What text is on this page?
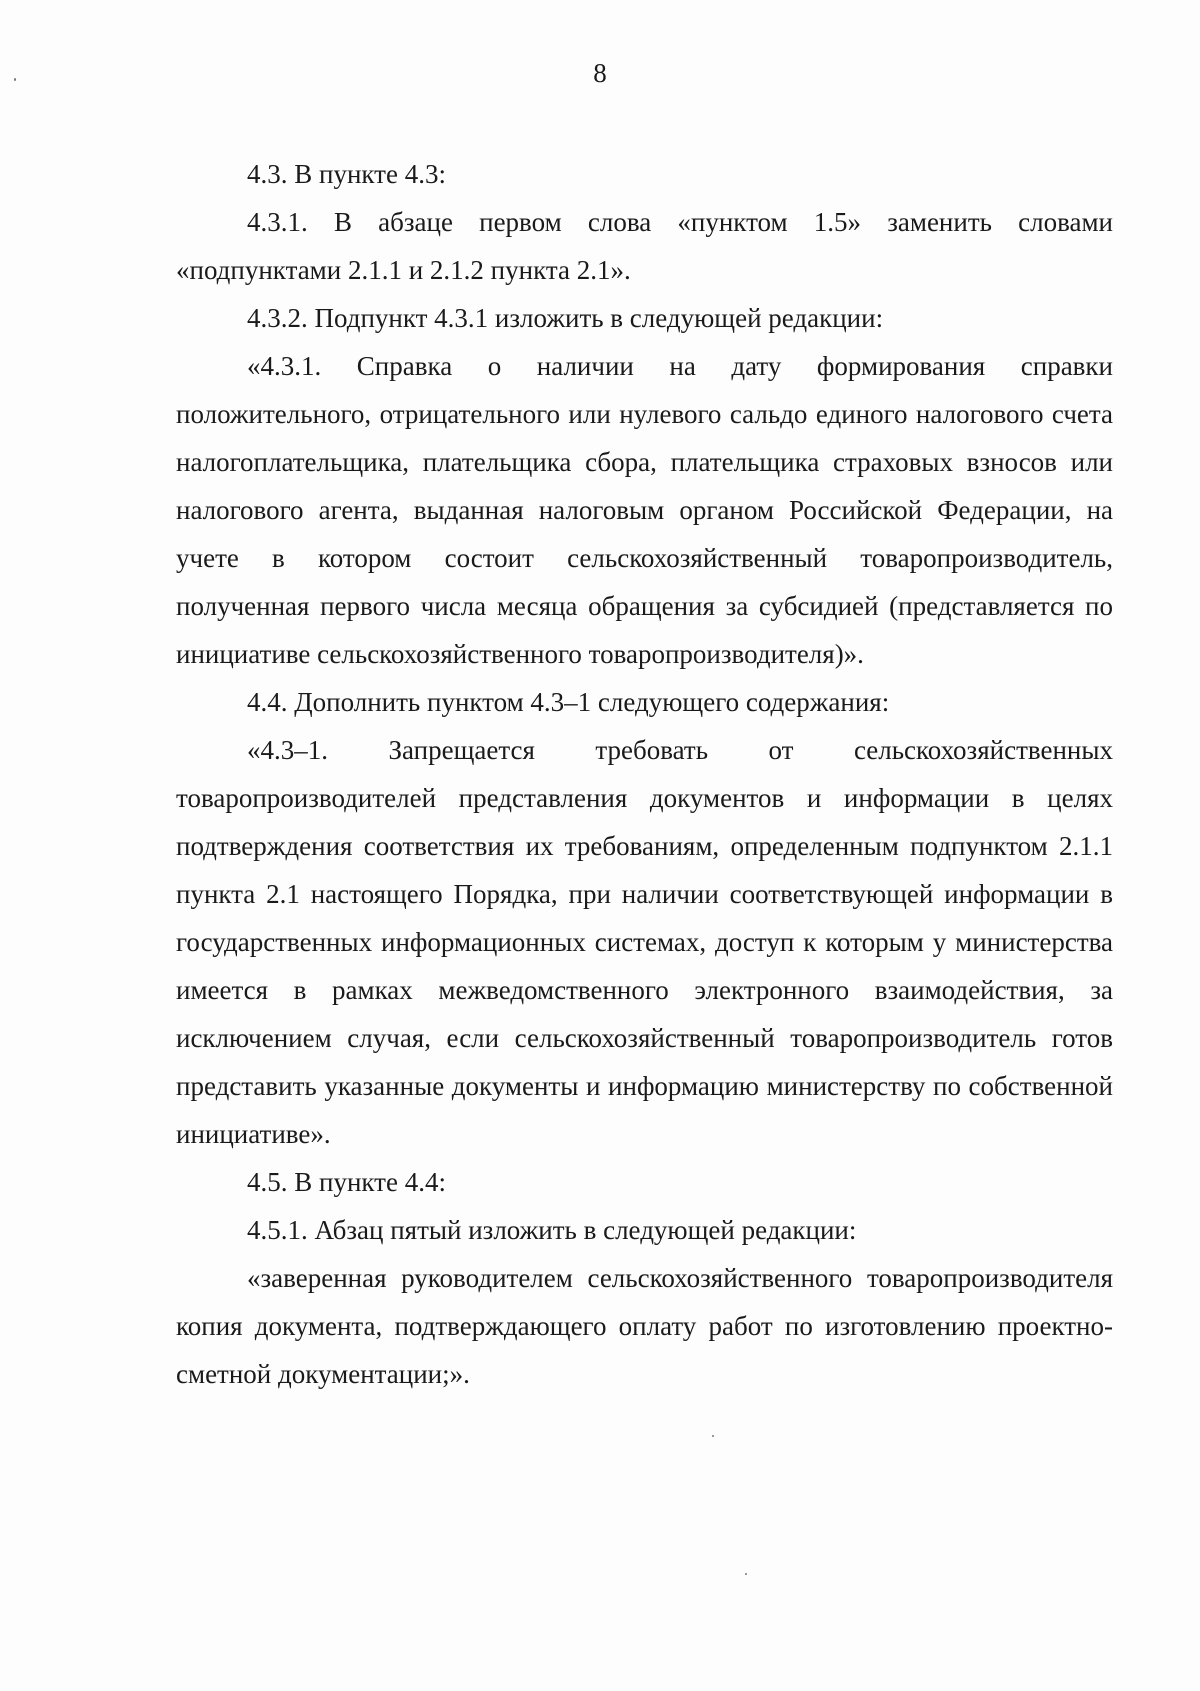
8

4.3. В пункте 4.3:

4.3.1. В абзаце первом слова «пунктом 1.5» заменить словами «подпунктами 2.1.1 и 2.1.2 пункта 2.1».

4.3.2. Подпункт 4.3.1 изложить в следующей редакции:

«4.3.1. Справка о наличии на дату формирования справки положительного, отрицательного или нулевого сальдо единого налогового счета налогоплательщика, плательщика сбора, плательщика страховых взносов или налогового агента, выданная налоговым органом Российской Федерации, на учете в котором состоит сельскохозяйственный товаропроизводитель, полученная первого числа месяца обращения за субсидией (представляется по инициативе сельскохозяйственного товаропроизводителя)».

4.4. Дополнить пунктом 4.3–1 следующего содержания:

«4.3–1. Запрещается требовать от сельскохозяйственных товаропроизводителей представления документов и информации в целях подтверждения соответствия их требованиям, определенным подпунктом 2.1.1 пункта 2.1 настоящего Порядка, при наличии соответствующей информации в государственных информационных системах, доступ к которым у министерства имеется в рамках межведомственного электронного взаимодействия, за исключением случая, если сельскохозяйственный товаропроизводитель готов представить указанные документы и информацию министерству по собственной инициативе».

4.5. В пункте 4.4:

4.5.1. Абзац пятый изложить в следующей редакции:

«заверенная руководителем сельскохозяйственного товаропроизводителя копия документа, подтверждающего оплату работ по изготовлению проектно-сметной документации;».
